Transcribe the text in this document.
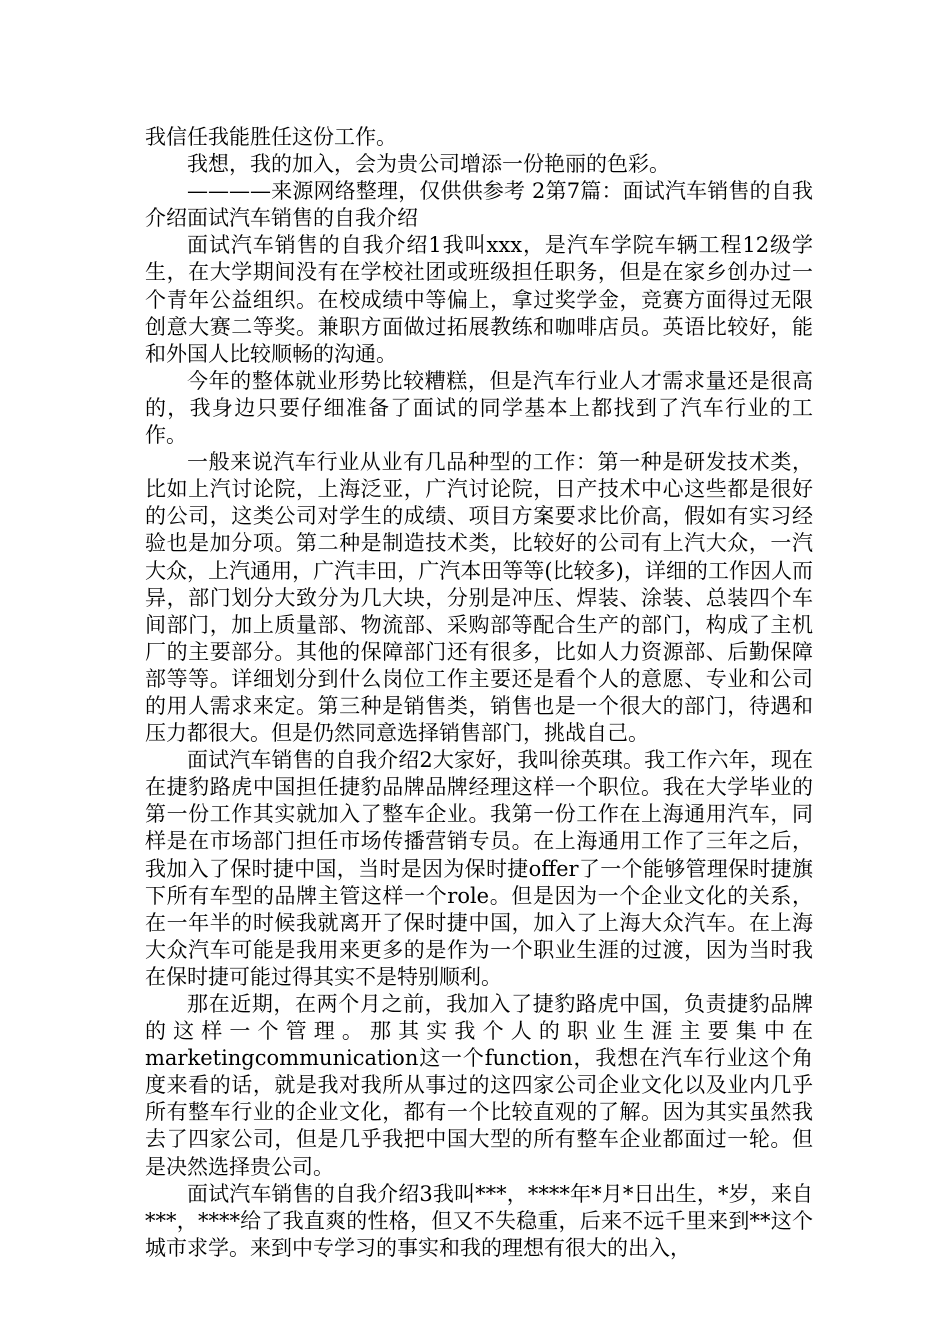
我信任我能胜任这份工作。

我想，我的加入，会为贵公司增添一份艳丽的色彩。

————来源网络整理，仅供供参考 2第7篇：面试汽车销售的自我介绍面试汽车销售的自我介绍

面试汽车销售的自我介绍1我叫xxx，是汽车学院车辆工程12级学生，在大学期间没有在学校社团或班级担任职务，但是在家乡创办过一个青年公益组织。在校成绩中等偏上，拿过奖学金，竞赛方面得过无限创意大赛二等奖。兼职方面做过拓展教练和咖啡店员。英语比较好，能和外国人比较顺畅的沟通。

今年的整体就业形势比较糟糕，但是汽车行业人才需求量还是很高的，我身边只要仔细准备了面试的同学基本上都找到了汽车行业的工作。

一般来说汽车行业从业有几品种型的工作：第一种是研发技术类，比如上汽讨论院，上海泛亚，广汽讨论院，日产技术中心这些都是很好的公司，这类公司对学生的成绩、项目方案要求比价高，假如有实习经验也是加分项。第二种是制造技术类，比较好的公司有上汽大众，一汽大众，上汽通用，广汽丰田，广汽本田等等(比较多)，详细的工作因人而异，部门划分大致分为几大块，分别是冲压、焊装、涂装、总装四个车间部门，加上质量部、物流部、采购部等配合生产的部门，构成了主机厂的主要部分。其他的保障部门还有很多，比如人力资源部、后勤保障部等等。详细划分到什么岗位工作主要还是看个人的意愿、专业和公司的用人需求来定。第三种是销售类，销售也是一个很大的部门，待遇和压力都很大。但是仍然同意选择销售部门，挑战自己。

面试汽车销售的自我介绍2大家好，我叫徐英琪。我工作六年，现在在捷豹路虎中国担任捷豹品牌品牌经理这样一个职位。我在大学毕业的第一份工作其实就加入了整车企业。我第一份工作在上海通用汽车，同样是在市场部门担任市场传播营销专员。在上海通用工作了三年之后，我加入了保时捷中国，当时是因为保时捷offer了一个能够管理保时捷旗下所有车型的品牌主管这样一个role。但是因为一个企业文化的关系，在一年半的时候我就离开了保时捷中国，加入了上海大众汽车。在上海大众汽车可能是我用来更多的是作为一个职业生涯的过渡，因为当时我在保时捷可能过得其实不是特别顺利。

那在近期，在两个月之前，我加入了捷豹路虎中国，负责捷豹品牌的这样一个管理。那其实我个人的职业生涯主要集中在marketingcommunication这一个function，我想在汽车行业这个角度来看的话，就是我对我所从事过的这四家公司企业文化以及业内几乎所有整车行业的企业文化，都有一个比较直观的了解。因为其实虽然我去了四家公司，但是几乎我把中国大型的所有整车企业都面过一轮。但是决然选择贵公司。

面试汽车销售的自我介绍3我叫***，****年*月*日出生，*岁，来自***，****给了我直爽的性格，但又不失稳重，后来不远千里来到**这个城市求学。来到中专学习的事实和我的理想有很大的出入，
